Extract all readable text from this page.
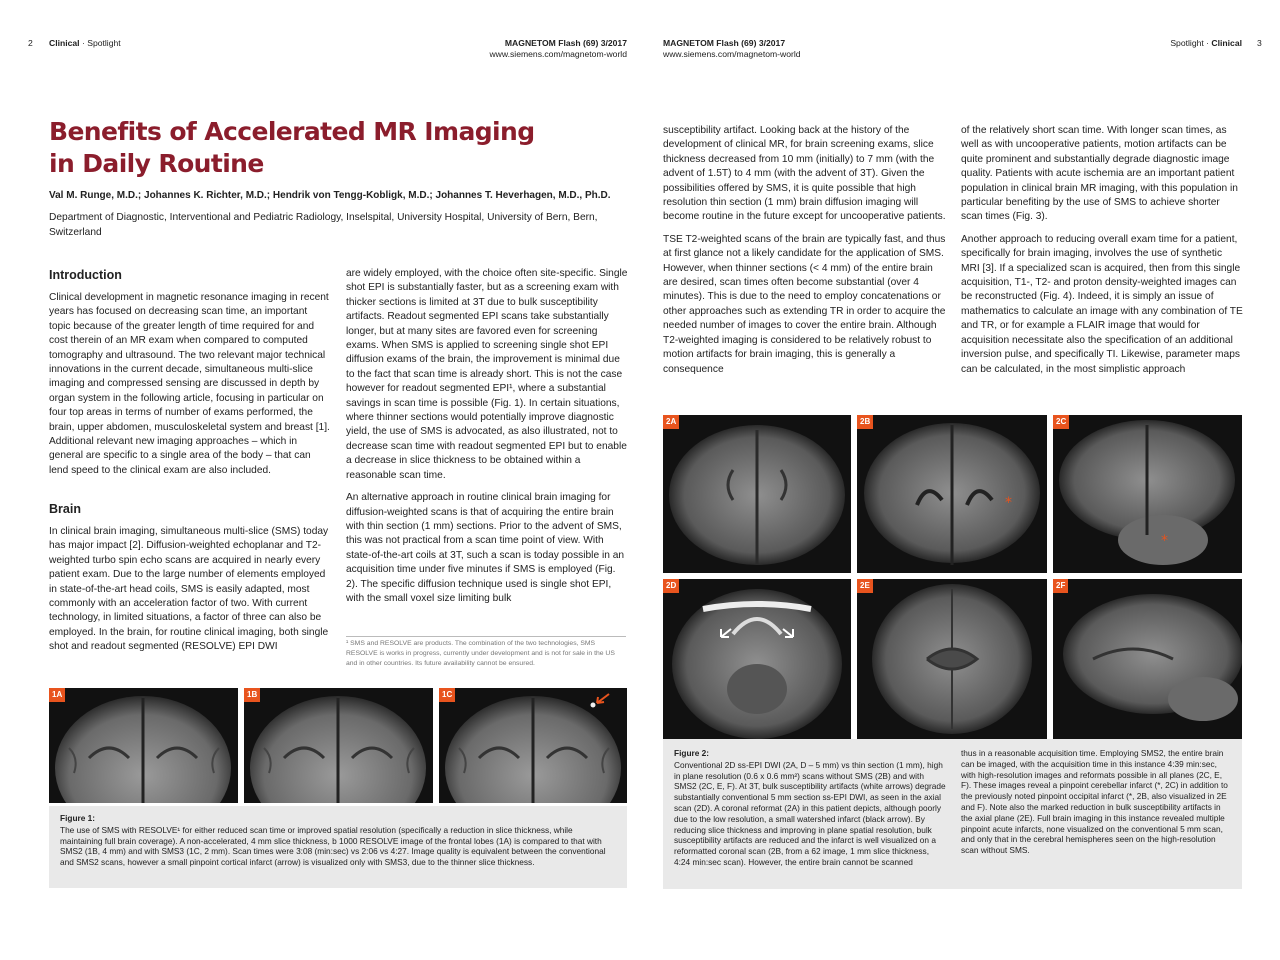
2 Clinical · Spotlight	MAGNETOM Flash (69) 3/2017
www.siemens.com/magnetom-world
MAGNETOM Flash (69) 3/2017
www.siemens.com/magnetom-world
Spotlight · Clinical 3
Benefits of Accelerated MR Imaging
in Daily Routine
Val M. Runge, M.D.; Johannes K. Richter, M.D.; Hendrik von Tengg-Kobligk, M.D.; Johannes T. Heverhagen, M.D., Ph.D.
Department of Diagnostic, Interventional and Pediatric Radiology, Inselspital, University Hospital, University of Bern, Bern, Switzerland
Introduction
Clinical development in magnetic resonance imaging in recent years has focused on decreasing scan time, an important topic because of the greater length of time required for and cost therein of an MR exam when compared to computed tomography and ultrasound. The two relevant major technical innovations in the current decade, simultaneous multi-slice imaging and compressed sensing are discussed in depth by organ system in the following article, focusing in particular on four top areas in terms of number of exams performed, the brain, upper abdomen, musculoskeletal system and breast [1]. Additional relevant new imaging approaches – which in general are specific to a single area of the body – that can lend speed to the clinical exam are also included.
Brain
In clinical brain imaging, simultaneous multi-slice (SMS) today has major impact [2]. Diffusion-weighted echoplanar and T2-weighted turbo spin echo scans are acquired in nearly every patient exam. Due to the large number of elements employed in state-of-the-art head coils, SMS is easily adapted, most commonly with an acceleration factor of two. With current technology, in limited situations, a factor of three can also be employed. In the brain, for routine clinical imaging, both single shot and readout segmented (RESOLVE) EPI DWI

are widely employed, with the choice often site-specific. Single shot EPI is substantially faster, but as a screening exam with thicker sections is limited at 3T due to bulk susceptibility artifacts. Readout segmented EPI scans take substantially longer, but at many sites are favored even for screening exams. When SMS is applied to screening single shot EPI diffusion exams of the brain, the improvement is minimal due to the fact that scan time is already short. This is not the case however for readout segmented EPI¹, where a substantial savings in scan time is possible (Fig. 1). In certain situations, where thinner sections would potentially improve diagnostic yield, the use of SMS is advocated, as also illustrated, not to decrease scan time with readout segmented EPI but to enable a decrease in slice thickness to be obtained within a reasonable scan time.

An alternative approach in routine clinical brain imaging for diffusion-weighted scans is that of acquiring the entire brain with thin section (1 mm) sections. Prior to the advent of SMS, this was not practical from a scan time point of view. With state-of-the-art coils at 3T, such a scan is today possible in an acquisition time under five minutes if SMS is employed (Fig. 2). The specific diffusion technique used is single shot EPI, with the small voxel size limiting bulk

¹ SMS and RESOLVE are products. The combination of the two technologies, SMS RESOLVE is works in progress, currently under development and is not for sale in the US and in other countries. Its future availability cannot be ensured.
1A	1B	1C
Figure 1:
The use of SMS with RESOLVE¹ for either reduced scan time or improved spatial resolution (specifically a reduction in slice thickness, while maintaining full brain coverage). A non-accelerated, 4 mm slice thickness, b 1000 RESOLVE image of the frontal lobes (1A) is compared to that with SMS2 (1B, 4 mm) and with SMS3 (1C, 2 mm). Scan times were 3:08 (min:sec) vs 2:06 vs 4:27. Image quality is equivalent between the conventional and SMS2 scans, however a small pinpoint cortical infarct (arrow) is visualized only with SMS3, due to the thinner slice thickness.

susceptibility artifact. Looking back at the history of the development of clinical MR, for brain screening exams, slice thickness decreased from 10 mm (initially) to 7 mm (with the advent of 1.5T) to 4 mm (with the advent of 3T). Given the possibilities offered by SMS, it is quite possible that high resolution thin section (1 mm) brain diffusion imaging will become routine in the future except for uncooperative patients.

TSE T2-weighted scans of the brain are typically fast, and thus at first glance not a likely candidate for the application of SMS. However, when thinner sections (< 4 mm) of the entire brain are desired, scan times often become substantial (over 4 minutes). This is due to the need to employ concatenations or other approaches such as extending TR in order to acquire the needed number of images to cover the entire brain. Although T2-weighted imaging is considered to be relatively robust to motion artifacts for brain imaging, this is generally a consequence

of the relatively short scan time. With longer scan times, as well as with uncooperative patients, motion artifacts can be quite prominent and substantially degrade diagnostic image quality. Patients with acute ischemia are an important patient population in clinical brain MR imaging, with this population in particular benefiting by the use of SMS to achieve shorter scan times (Fig. 3).

Another approach to reducing overall exam time for a patient, specifically for brain imaging, involves the use of synthetic MRI [3]. If a specialized scan is acquired, then from this single acquisition, T1-, T2- and proton density-weighted images can be reconstructed (Fig. 4). Indeed, it is simply an issue of mathematics to calculate an image with any combination of TE and TR, or for example a FLAIR image that would for acquisition necessitate also the specification of an additional inversion pulse, and specifically TI. Likewise, parameter maps can be calculated, in the most simplistic approach

2A
*
2B
*
2C
2D	2E	2F
Figure 2:
Conventional 2D ss-EPI DWI (2A, D – 5 mm) vs thin section (1 mm), high in plane resolution (0.6 x 0.6 mm²) scans without SMS (2B) and with SMS2 (2C, E, F). At 3T, bulk susceptibility artifacts (white arrows) degrade substantially conventional 5 mm section ss-EPI DWI, as seen in the axial scan (2D). A coronal reformat (2A) in this patient depicts, although poorly due to the low resolution, a small watershed infarct (black arrow). By reducing slice thickness and improving in plane spatial resolution, bulk susceptibility artifacts are reduced and the infarct is well visualized on a reformatted coronal scan (2B, from a 62 image, 1 mm slice thickness, 4:24 min:sec scan). However, the entire brain cannot be scanned
thus in a reasonable acquisition time. Employing SMS2, the entire brain can be imaged, with the acquisition time in this instance 4:39 min:sec, with high-resolution images and reformats possible in all planes (2C, E, F). These images reveal a pinpoint cerebellar infarct (*, 2C) in addition to the previously noted pinpoint occipital infarct (*, 2B, also visualized in 2E and F). Note also the marked reduction in bulk susceptibility artifacts in the axial plane (2E). Full brain imaging in this instance revealed multiple pinpoint acute infarcts, none visualized on the conventional 5 mm scan, and only that in the cerebral hemispheres seen on the high-resolution scan without SMS.
